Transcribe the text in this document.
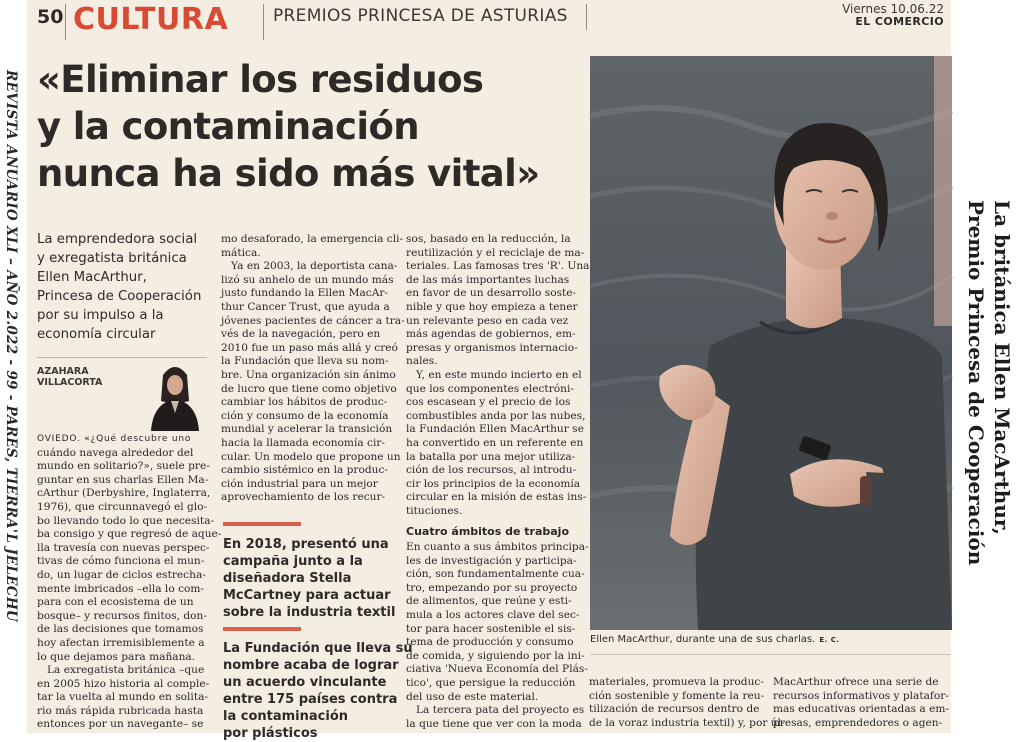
50 CULTURA	PREMIOS PRINCESA DE ASTURIAS	Viernes 10.06.22
EL COMERCIO
«Eliminar los residuos
y la contaminación
nunca ha sido más vital»
La emprendedora social
y exregatista británica
Ellen MacArthur,
Princesa de Cooperación
por su impulso a la
economía circular
AZAHARA
VILLACORTA
OVIEDO. «¿Qué descubre uno
cuándo navega alrededor del
mundo en solitario?», suele pre-
guntar en sus charlas Ellen Ma-
cArthur (Derbyshire, Inglaterra,
1976), que circunnavegó el glo-
bo llevando todo lo que necesita-
ba consigo y que regresó de aque-
lla travesía con nuevas perspec-
tivas de cómo funciona el mun-
do, un lugar de ciclos estrecha-
mente imbricados –ella lo com-
para con el ecosistema de un
bosque– y recursos finitos, don-
de las decisiones que tomamos
hoy afectan irremisiblemente a
lo que dejamos para mañana.
La exregatista británica –que
en 2005 hizo historia al comple-
tar la vuelta al mundo en solita-
rio más rápida rubricada hasta
entonces por un navegante– se
mo desaforado, la emergencia cli-
mática.
Ya en 2003, la deportista cana-
lizó su anhelo de un mundo más
justo fundando la Ellen MacAr-
thur Cancer Trust, que ayuda a
jóvenes pacientes de cáncer a tra-
vés de la navegación, pero en
2010 fue un paso más allá y creó
la Fundación que lleva su nom-
bre. Una organización sin ánimo
de lucro que tiene como objetivo
cambiar los hábitos de produc-
ción y consumo de la economía
mundial y acelerar la transición
hacia la llamada economía cir-
cular. Un modelo que propone un
cambio sistémico en la produc-
ción industrial para un mejor
aprovechamiento de los recur-
En 2018, presentó una
campaña junto a la
diseñadora Stella
McCartney para actuar
sobre la industria textil
La Fundación que lleva su
nombre acaba de lograr
un acuerdo vinculante
entre 175 países contra
la contaminación
por plásticos
sos, basado en la reducción, la
reutilización y el reciclaje de ma-
teriales. Las famosas tres 'R'. Una
de las más importantes luchas
en favor de un desarrollo soste-
nible y que hoy empieza a tener
un relevante peso en cada vez
más agendas de gobiernos, em-
presas y organismos internacio-
nales.
Y, en este mundo incierto en el
que los componentes electróni-
cos escasean y el precio de los
combustibles anda por las nubes,
la Fundación Ellen MacArthur se
ha convertido en un referente en
la batalla por una mejor utiliza-
ción de los recursos, al introdu-
cir los principios de la economía
circular en la misión de estas ins-
tituciones.
Cuatro ámbitos de trabajo
En cuanto a sus ámbitos principa-
les de investigación y participa-
ción, son fundamentalmente cua-
tro, empezando por su proyecto
de alimentos, que reúne y esti-
mula a los actores clave del sec-
tor para hacer sostenible el sis-
tema de producción y consumo
de comida, y siguiendo por la ini-
ciativa 'Nueva Economía del Plás-
tico', que persigue la reducción
del uso de este material.
La tercera pata del proyecto es
la que tiene que ver con la moda
Ellen MacArthur, durante una de sus charlas. E. C.
materiales, promueva la produc-
ción sostenible y fomente la reu-
tilización de recursos dentro de
de la voraz industria textil) y, por úl-
MacArthur ofrece una serie de
recursos informativos y platafor-
mas educativas orientadas a em-
presas, emprendedores o agen-
REVISTA ANUARIO XLI – AÑO 2.022 - 99 - PARES, TIERRA'L JELECHU	La británica Ellen MacArthur,
Premio Princesa de Cooperación
